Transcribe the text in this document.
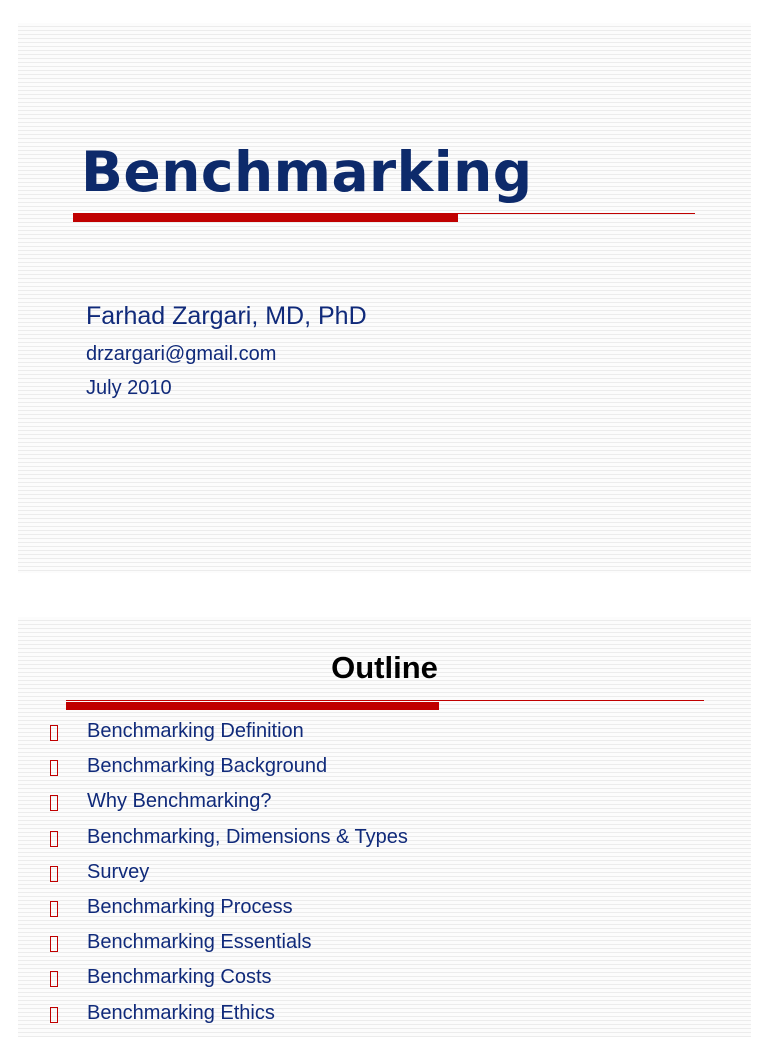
Benchmarking
Farhad Zargari, MD, PhD
drzargari@gmail.com
July 2010
Outline
Benchmarking Definition
Benchmarking Background
Why Benchmarking?
Benchmarking, Dimensions & Types
Survey
Benchmarking Process
Benchmarking Essentials
Benchmarking Costs
Benchmarking Ethics
